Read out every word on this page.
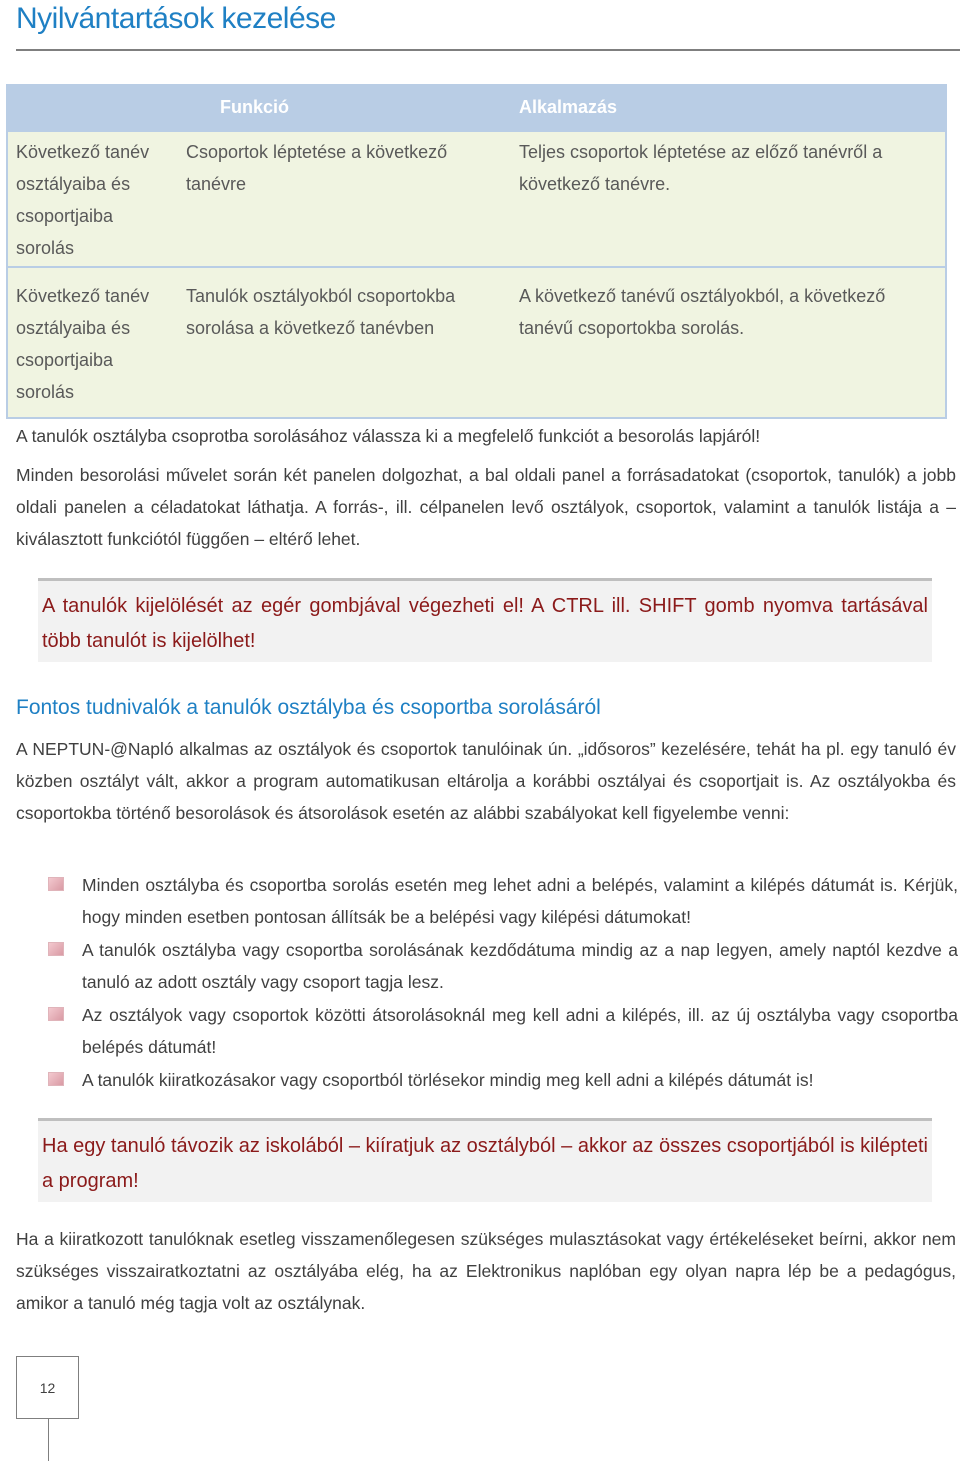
Nyilvántartások kezelése
Funkció	Alkalmazás
Következő tanév osztályaiba és csoportjaiba sorolás
Csoportok léptetése a következő tanévre
Teljes csoportok léptetése az előző tanévről a következő tanévre.
Következő tanév osztályaiba és csoportjaiba sorolás
Tanulók osztályokból csoportokba sorolása a következő tanévben
A következő tanévű osztályokból, a következő tanévű csoportokba sorolás.
A tanulók osztályba csoprotba sorolásához válassza ki a megfelelő funkciót a besorolás lapjáról!
Minden besorolási művelet során két panelen dolgozhat, a bal oldali panel a forrásadatokat (csoportok, tanulók) a jobb oldali panelen a céladatokat láthatja. A forrás-, ill. célpanelen levő osztályok, csoportok, valamint a tanulók listája a – kiválasztott funkciótól függően – eltérő lehet.
A tanulók kijelölését az egér gombjával végezheti el! A CTRL ill. SHIFT gomb nyomva tartásával több tanulót is kijelölhet!
Fontos tudnivalók a tanulók osztályba és csoportba sorolásáról
A NEPTUN-@Napló alkalmas az osztályok és csoportok tanulóinak ún. „idősoros” kezelésére, tehát ha pl. egy tanuló év közben osztályt vált, akkor a program automatikusan eltárolja a korábbi osztályai és csoportjait is. Az osztályokba és csoportokba történő besorolások és átsorolások esetén az alábbi szabályokat kell figyelembe venni:
Minden osztályba és csoportba sorolás esetén meg lehet adni a belépés, valamint a kilépés dátumát is. Kérjük, hogy minden esetben pontosan állítsák be a belépési vagy kilépési dátumokat!
A tanulók osztályba vagy csoportba sorolásának kezdődátuma mindig az a nap legyen, amely naptól kezdve a tanuló az adott osztály vagy csoport tagja lesz.
Az osztályok vagy csoportok közötti átsorolásoknál meg kell adni a kilépés, ill. az új osztályba vagy csoportba belépés dátumát!
A tanulók kiiratkozásakor vagy csoportból törlésekor mindig meg kell adni a kilépés dátumát is!
Ha egy tanuló távozik az iskolából – kiíratjuk az osztályból – akkor az összes csoportjából is kilépteti a program!
Ha a kiiratkozott tanulóknak esetleg visszamenőlegesen szükséges mulasztásokat vagy értékeléseket beírni, akkor nem szükséges visszairatkoztatni az osztályába elég, ha az Elektronikus naplóban egy olyan napra lép be a pedagógus, amikor a tanuló még tagja volt az osztálynak.
12
